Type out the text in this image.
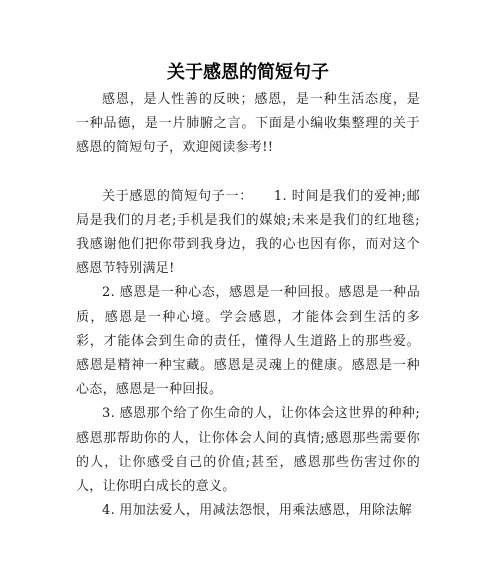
关于感恩的简短句子

感恩，是人性善的反映；感恩，是一种生活态度，是一种品德，是一片肺腑之言。下面是小编收集整理的关于感恩的简短句子，欢迎阅读参考!!

关于感恩的简短句子一：　　1. 时间是我们的爱神;邮局是我们的月老;手机是我们的媒娘;未来是我们的红地毯;我感谢他们把你带到我身边，我的心也因有你，而对这个感恩节特别满足!

2. 感恩是一种心态，感恩是一种回报。感恩是一种品质，感恩是一种心境。学会感恩，才能体会到生活的多彩，才能体会到生命的责任，懂得人生道路上的那些爱。感恩是精神一种宝藏。感恩是灵魂上的健康。感恩是一种心态，感恩是一种回报。

3. 感恩那个给了你生命的人，让你体会这世界的种种;感恩那帮助你的人，让你体会人间的真情;感恩那些需要你的人，让你感受自己的价值;甚至，感恩那些伤害过你的人，让你明白成长的意义。

4. 用加法爱人，用减法怨恨，用乘法感恩，用除法解
